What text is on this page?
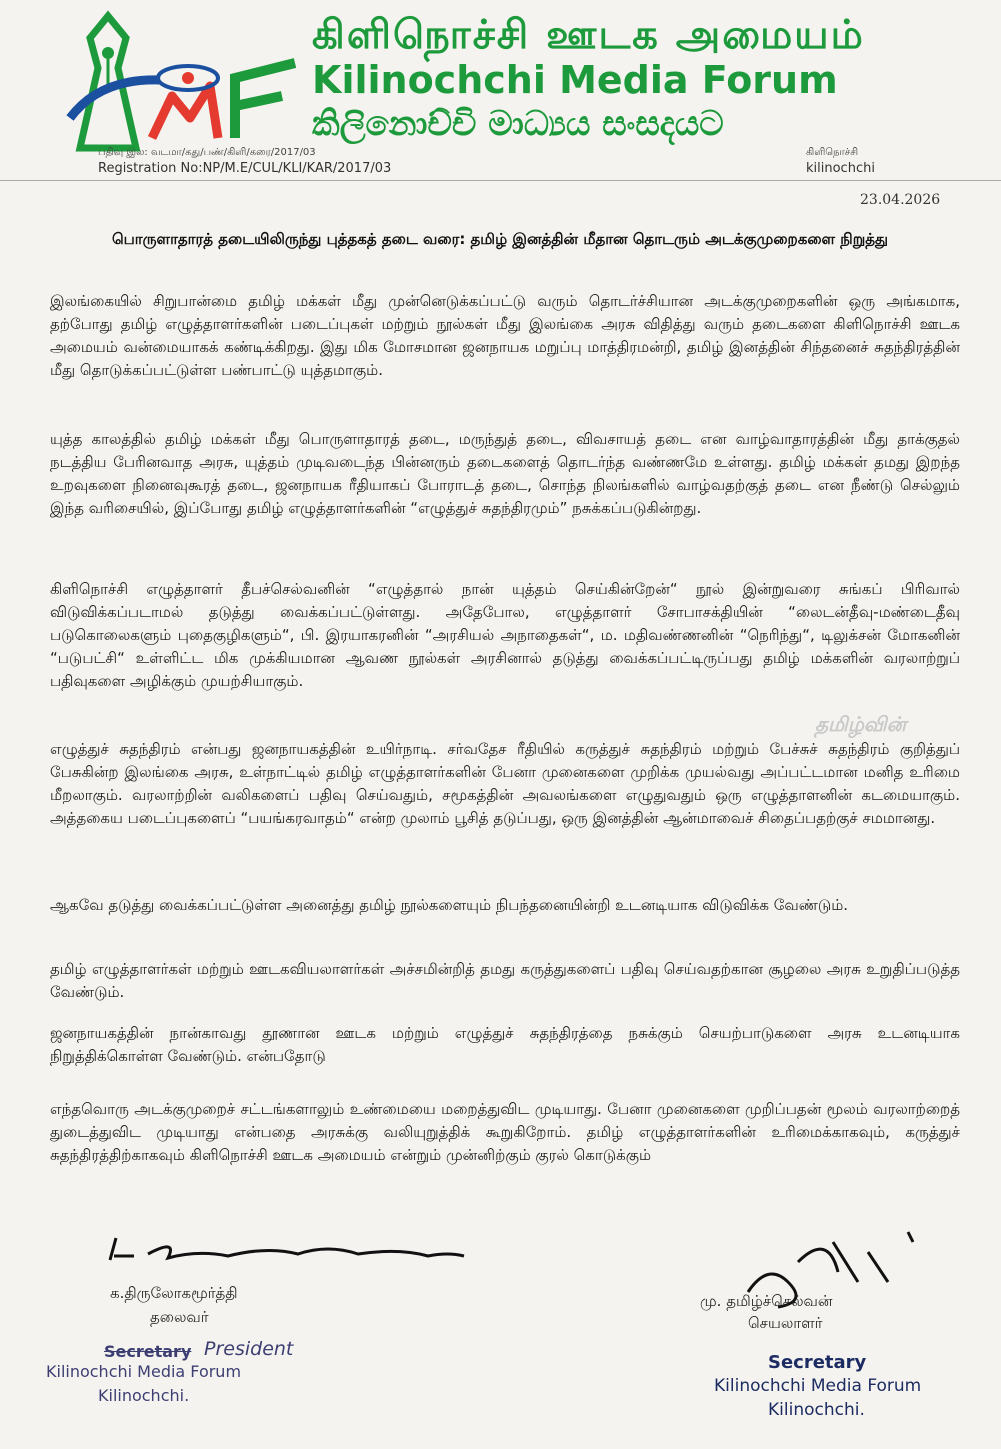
கிளிநொச்சி ஊடக அமையம்
Kilinochchi Media Forum
කිලිනොච්චි මාධ්‍යය සංසදයට
பதிவு இல: வடமா/கது/பண்/கிளி/கரை/2017/03
Registration No:NP/M.E/CUL/KLI/KAR/2017/03
கிளிநொச்சி
kilinochchi
23.04.2026
பொருளாதாரத் தடையிலிருந்து புத்தகத் தடை வரை: தமிழ் இனத்தின் மீதான தொடரும் அடக்குமுறைகளை நிறுத்து
இலங்கையில் சிறுபான்மை தமிழ் மக்கள் மீது முன்னெடுக்கப்பட்டு வரும் தொடர்ச்சியான அடக்குமுறைகளின் ஒரு அங்கமாக, தற்போது தமிழ் எழுத்தாளர்களின் படைப்புகள் மற்றும் நூல்கள் மீது இலங்கை அரசு விதித்து வரும் தடைகளை கிளிநொச்சி ஊடக அமையம் வன்மையாகக் கண்டிக்கிறது. இது மிக மோசமான ஜனநாயக மறுப்பு மாத்திரமன்றி, தமிழ் இனத்தின் சிந்தனைச் சுதந்திரத்தின் மீது தொடுக்கப்பட்டுள்ள பண்பாட்டு யுத்தமாகும்.
யுத்த காலத்தில் தமிழ் மக்கள் மீது பொருளாதாரத் தடை, மருந்துத் தடை, விவசாயத் தடை என வாழ்வாதாரத்தின் மீது தாக்குதல் நடத்திய பேரினவாத அரசு, யுத்தம் முடிவடைந்த பின்னரும் தடைகளைத் தொடர்ந்த வண்ணமே உள்ளது. தமிழ் மக்கள் தமது இறந்த உறவுகளை நினைவுகூரத் தடை, ஜனநாயக ரீதியாகப் போராடத் தடை, சொந்த நிலங்களில் வாழ்வதற்குத் தடை என நீண்டு செல்லும் இந்த வரிசையில், இப்போது தமிழ் எழுத்தாளர்களின் “எழுத்துச் சுதந்திரமும்” நசுக்கப்படுகின்றது.
கிளிநொச்சி எழுத்தாளர் தீபச்செல்வனின் “எழுத்தால் நான் யுத்தம் செய்கின்றேன்“ நூல் இன்றுவரை சுங்கப் பிரிவால் விடுவிக்கப்படாமல் தடுத்து வைக்கப்பட்டுள்ளது. அதேபோல, எழுத்தாளர் சோபாசக்தியின் “லைடன்தீவு-மண்டைதீவு படுகொலைகளும் புதைகுழிகளும்“, பி. இரயாகரனின் “அரசியல் அநாதைகள்“, ம. மதிவண்ணனின் “நெரிந்து“, டிலுக்சன் மோகனின் “படுபட்சி“ உள்ளிட்ட மிக முக்கியமான ஆவண நூல்கள் அரசினால் தடுத்து வைக்கப்பட்டிருப்பது தமிழ் மக்களின் வரலாற்றுப் பதிவுகளை அழிக்கும் முயற்சியாகும்.
தமிழ்வின்
எழுத்துச் சுதந்திரம் என்பது ஜனநாயகத்தின் உயிர்நாடி. சர்வதேச ரீதியில் கருத்துச் சுதந்திரம் மற்றும் பேச்சுச் சுதந்திரம் குறித்துப் பேசுகின்ற இலங்கை அரசு, உள்நாட்டில் தமிழ் எழுத்தாளர்களின் பேனா முனைகளை முறிக்க முயல்வது அப்பட்டமான மனித உரிமை மீறலாகும். வரலாற்றின் வலிகளைப் பதிவு செய்வதும், சமூகத்தின் அவலங்களை எழுதுவதும் ஒரு எழுத்தாளனின் கடமையாகும். அத்தகைய படைப்புகளைப் “பயங்கரவாதம்“ என்ற முலாம் பூசித் தடுப்பது, ஒரு இனத்தின் ஆன்மாவைச் சிதைப்பதற்குச் சமமானது.
ஆகவே தடுத்து வைக்கப்பட்டுள்ள அனைத்து தமிழ் நூல்களையும் நிபந்தனையின்றி உடனடியாக விடுவிக்க வேண்டும்.
தமிழ் எழுத்தாளர்கள் மற்றும் ஊடகவியலாளர்கள் அச்சமின்றித் தமது கருத்துகளைப் பதிவு செய்வதற்கான சூழலை அரசு உறுதிப்படுத்த வேண்டும்.
ஜனநாயகத்தின் நான்காவது தூணான ஊடக மற்றும் எழுத்துச் சுதந்திரத்தை நசுக்கும் செயற்பாடுகளை அரசு உடனடியாக நிறுத்திக்கொள்ள வேண்டும். என்பதோடு
எந்தவொரு அடக்குமுறைச் சட்டங்களாலும் உண்மையை மறைத்துவிட முடியாது. பேனா முனைகளை முறிப்பதன் மூலம் வரலாற்றைத் துடைத்துவிட முடியாது என்பதை அரசுக்கு வலியுறுத்திக் கூறுகிறோம். தமிழ் எழுத்தாளர்களின் உரிமைக்காகவும், கருத்துச் சுதந்திரத்திற்காகவும் கிளிநொச்சி ஊடக அமையம் என்றும் முன்னிற்கும் குரல் கொடுக்கும்
க.திருலோகமூர்த்தி
தலைவர்
Secretary President
Kilinochchi Media Forum
Kilinochchi.
மு. தமிழ்ச்செல்வன்
செயலாளர்
Secretary
Kilinochchi Media Forum
Kilinochchi.
